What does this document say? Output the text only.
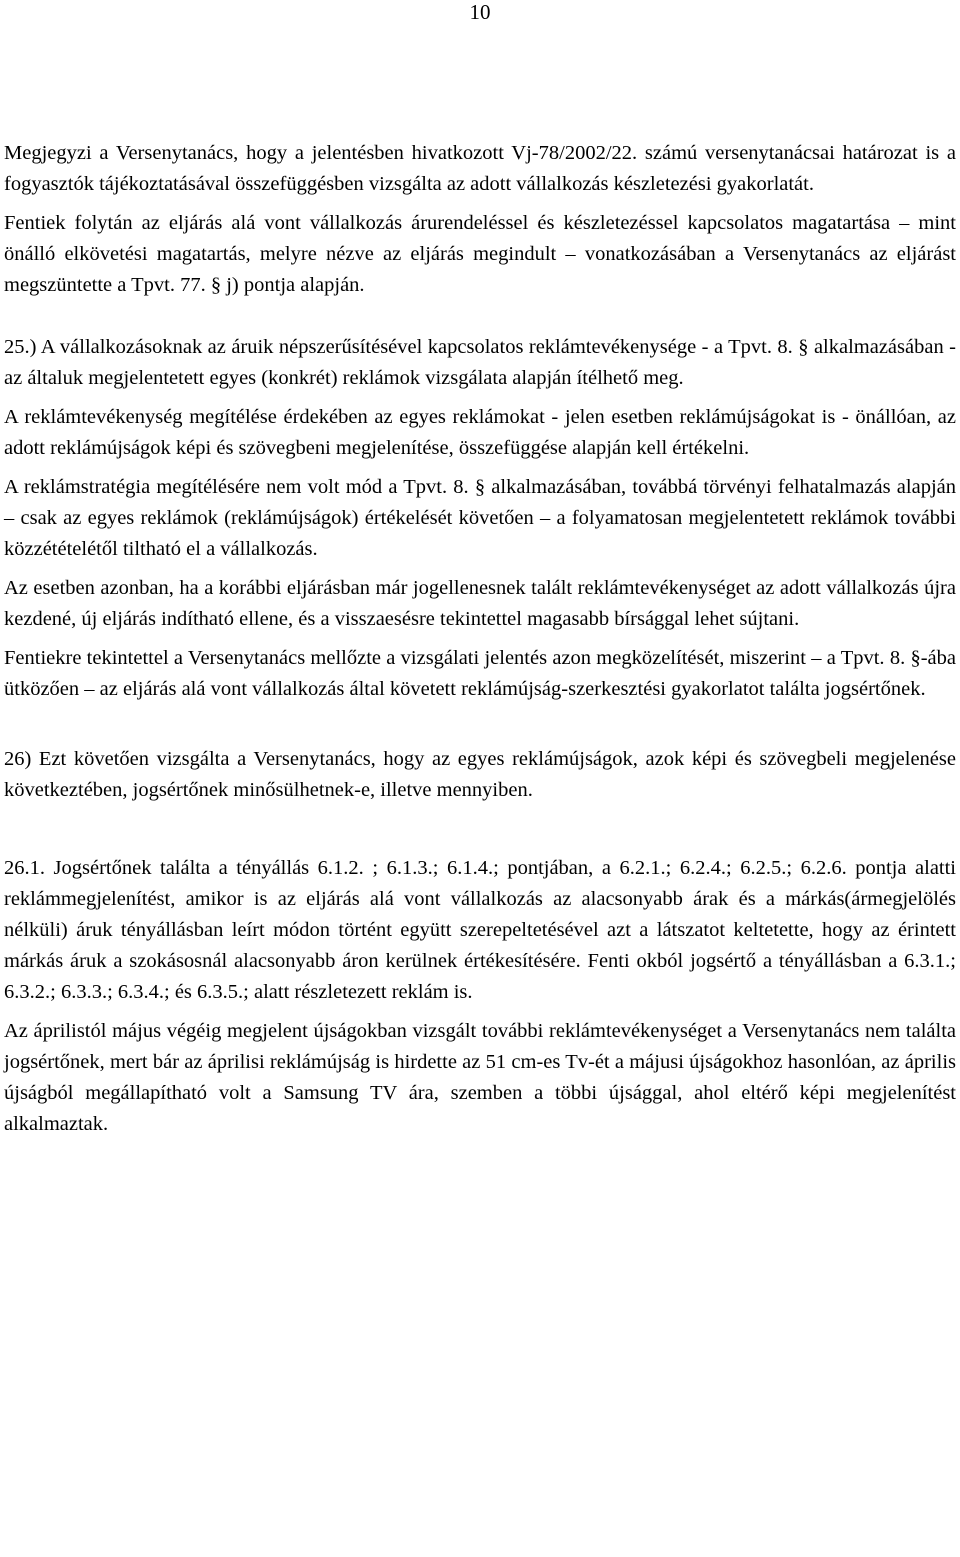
10

Megjegyzi a Versenytanács, hogy a jelentésben hivatkozott Vj-78/2002/22. számú versenytanácsai határozat is a fogyasztók tájékoztatásával összefüggésben vizsgálta az adott vállalkozás készletezési gyakorlatát.

Fentiek folytán az eljárás alá vont vállalkozás árurendeléssel és készletezéssel kapcsolatos magatartása – mint önálló elkövetési magatartás, melyre nézve az eljárás megindult – vonatkozásában a Versenytanács az eljárást megszüntette a Tpvt. 77. § j) pontja alapján.

25.) A vállalkozásoknak az áruik népszerűsítésével kapcsolatos reklámtevékenysége - a Tpvt. 8. § alkalmazásában - az általuk megjelentetett egyes (konkrét) reklámok vizsgálata alapján ítélhető meg.

A reklámtevékenység megítélése érdekében az egyes reklámokat - jelen esetben reklámújságokat is - önállóan, az adott reklámújságok képi és szövegbeni megjelenítése, összefüggése alapján kell értékelni.

A reklámstratégia megítélésére nem volt mód a Tpvt. 8. § alkalmazásában, továbbá törvényi felhatalmazás alapján – csak az egyes reklámok (reklámújságok) értékelését követően – a folyamatosan megjelentetett reklámok további közzétételétől tiltható el a vállalkozás.

Az esetben azonban, ha a korábbi eljárásban már jogellenesnek talált reklámtevékenységet az adott vállalkozás újra kezdené, új eljárás indítható ellene, és a visszaesésre tekintettel magasabb bírsággal lehet sújtani.

Fentiekre tekintettel a Versenytanács mellőzte a vizsgálati jelentés azon megközelítését, miszerint – a Tpvt. 8. §-ába ütközően – az eljárás alá vont vállalkozás által követett reklámújság-szerkesztési gyakorlatot találta jogsértőnek.

26) Ezt követően vizsgálta a Versenytanács, hogy az egyes reklámújságok, azok képi és szövegbeli megjelenése következtében, jogsértőnek minősülhetnek-e, illetve mennyiben.

26.1. Jogsértőnek találta a tényállás 6.1.2. ; 6.1.3.; 6.1.4.; pontjában, a 6.2.1.; 6.2.4.; 6.2.5.; 6.2.6. pontja alatti reklámmegjelenítést, amikor is az eljárás alá vont vállalkozás az alacsonyabb árak és a márkás(ármegjelölés nélküli) áruk tényállásban leírt módon történt együtt szerepeltetésével azt a látszatot keltetette, hogy az érintett márkás áruk a szokásosnál alacsonyabb áron kerülnek értékesítésére. Fenti okból jogsértő a tényállásban a 6.3.1.; 6.3.2.; 6.3.3.; 6.3.4.; és 6.3.5.; alatt részletezett reklám is.

Az áprilistól május végéig megjelent újságokban vizsgált további reklámtevékenységet a Versenytanács nem találta jogsértőnek, mert bár az áprilisi reklámújság is hirdette az 51 cm-es Tv-ét a májusi újságokhoz hasonlóan, az április újságból megállapítható volt a Samsung TV ára, szemben a többi újsággal, ahol eltérő képi megjelenítést alkalmaztak.
